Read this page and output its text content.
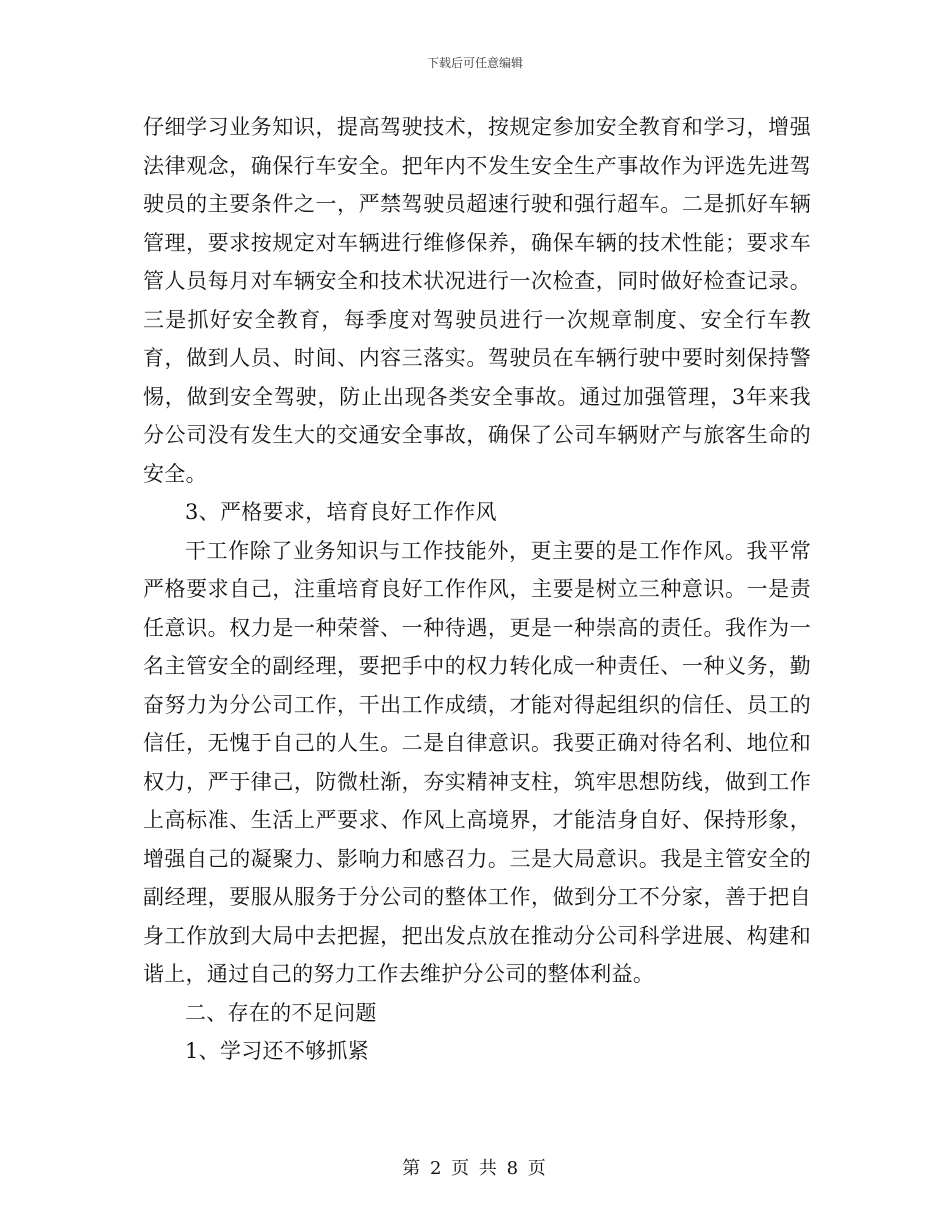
下载后可任意编辑

仔细学习业务知识，提高驾驶技术，按规定参加安全教育和学习，增强法律观念，确保行车安全。把年内不发生安全生产事故作为评选先进驾驶员的主要条件之一，严禁驾驶员超速行驶和强行超车。二是抓好车辆管理，要求按规定对车辆进行维修保养，确保车辆的技术性能；要求车管人员每月对车辆安全和技术状况进行一次检查，同时做好检查记录。三是抓好安全教育，每季度对驾驶员进行一次规章制度、安全行车教育，做到人员、时间、内容三落实。驾驶员在车辆行驶中要时刻保持警惕，做到安全驾驶，防止出现各类安全事故。通过加强管理，3年来我分公司没有发生大的交通安全事故，确保了公司车辆财产与旅客生命的安全。

3、严格要求，培育良好工作作风

干工作除了业务知识与工作技能外，更主要的是工作作风。我平常严格要求自己，注重培育良好工作作风，主要是树立三种意识。一是责任意识。权力是一种荣誉、一种待遇，更是一种崇高的责任。我作为一名主管安全的副经理，要把手中的权力转化成一种责任、一种义务，勤奋努力为分公司工作，干出工作成绩，才能对得起组织的信任、员工的信任，无愧于自己的人生。二是自律意识。我要正确对待名利、地位和权力，严于律己，防微杜渐，夯实精神支柱，筑牢思想防线，做到工作上高标准、生活上严要求、作风上高境界，才能洁身自好、保持形象，增强自己的凝聚力、影响力和感召力。三是大局意识。我是主管安全的副经理，要服从服务于分公司的整体工作，做到分工不分家，善于把自身工作放到大局中去把握，把出发点放在推动分公司科学进展、构建和谐上，通过自己的努力工作去维护分公司的整体利益。

二、存在的不足问题

1、学习还不够抓紧

第 2 页 共 8 页
